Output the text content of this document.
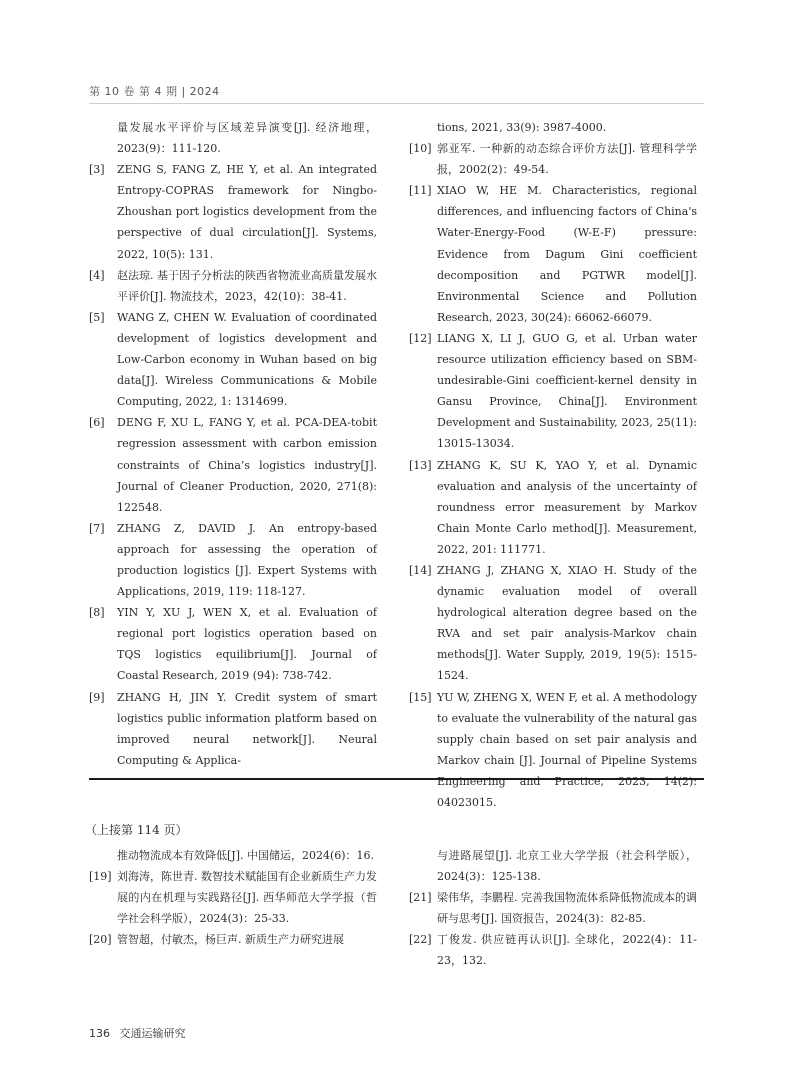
第 10 卷 第 4 期 | 2024
量发展水平评价与区域差异演变[J]. 经济地理，2023(9)：111-120.
[3]	ZENG S, FANG Z, HE Y, et al. An integrated Entropy-COPRAS framework for Ningbo-Zhoushan port logistics development from the perspective of dual circulation[J]. Systems, 2022, 10(5): 131.
[4]	赵法琼. 基于因子分析法的陕西省物流业高质量发展水平评价[J]. 物流技术，2023，42(10)：38-41.
[5]	WANG Z, CHEN W. Evaluation of coordinated development of logistics development and Low-Carbon economy in Wuhan based on big data[J]. Wireless Communications & Mobile Computing, 2022, 1: 1314699.
[6]	DENG F, XU L, FANG Y, et al. PCA-DEA-tobit regression assessment with carbon emission constraints of China’s logistics industry[J]. Journal of Cleaner Production, 2020, 271(8): 122548.
[7]	ZHANG Z, DAVID J. An entropy-based approach for assessing the operation of production logistics [J]. Expert Systems with Applications, 2019, 119: 118-127.
[8]	YIN Y, XU J, WEN X, et al. Evaluation of regional port logistics operation based on TQS logistics equilibrium[J]. Journal of Coastal Research, 2019 (94): 738-742.
[9]	ZHANG H, JIN Y. Credit system of smart logistics public information platform based on improved neural network[J]. Neural Computing & Applica-
tions, 2021, 33(9): 3987-4000.
[10] 郭亚军. 一种新的动态综合评价方法[J]. 管理科学学报，2002(2)：49-54.
[11] XIAO W, HE M. Characteristics, regional differences, and influencing factors of China's Water-Energy-Food (W-E-F) pressure: Evidence from Dagum Gini coefficient decomposition and PGTWR model[J]. Environmental Science and Pollution Research, 2023, 30(24): 66062-66079.
[12] LIANG X, LI J, GUO G, et al. Urban water resource utilization efficiency based on SBM-undesirable-Gini coefficient-kernel density in Gansu Province, China[J]. Environment Development and Sustainability, 2023, 25(11): 13015-13034.
[13] ZHANG K, SU K, YAO Y, et al. Dynamic evaluation and analysis of the uncertainty of roundness error measurement by Markov Chain Monte Carlo method[J]. Measurement, 2022, 201: 111771.
[14] ZHANG J, ZHANG X, XIAO H. Study of the dynamic evaluation model of overall hydrological alteration degree based on the RVA and set pair analysis-Markov chain methods[J]. Water Supply, 2019, 19(5): 1515-1524.
[15] YU W, ZHENG X, WEN F, et al. A methodology to evaluate the vulnerability of the natural gas supply chain based on set pair analysis and Markov chain [J]. Journal of Pipeline Systems Engineering and Practice, 2023, 14(2): 04023015.
（上接第 114 页）
推动物流成本有效降低[J]. 中国储运，2024(6)：16.
[19] 刘海涛，陈世青. 数智技术赋能国有企业新质生产力发展的内在机理与实践路径[J]. 西华师范大学学报（哲学社会科学版），2024(3)：25-33.
[20] 管智超，付敏杰，杨巨声. 新质生产力研究进展
与进路展望[J]. 北京工业大学学报（社会科学版），2024(3)：125-138.
[21] 梁伟华，李鹏程. 完善我国物流体系降低物流成本的调研与思考[J]. 国资报告，2024(3)：82-85.
[22] 丁俊发. 供应链再认识[J]. 全球化，2022(4)：11-23，132.
136 交通运输研究
